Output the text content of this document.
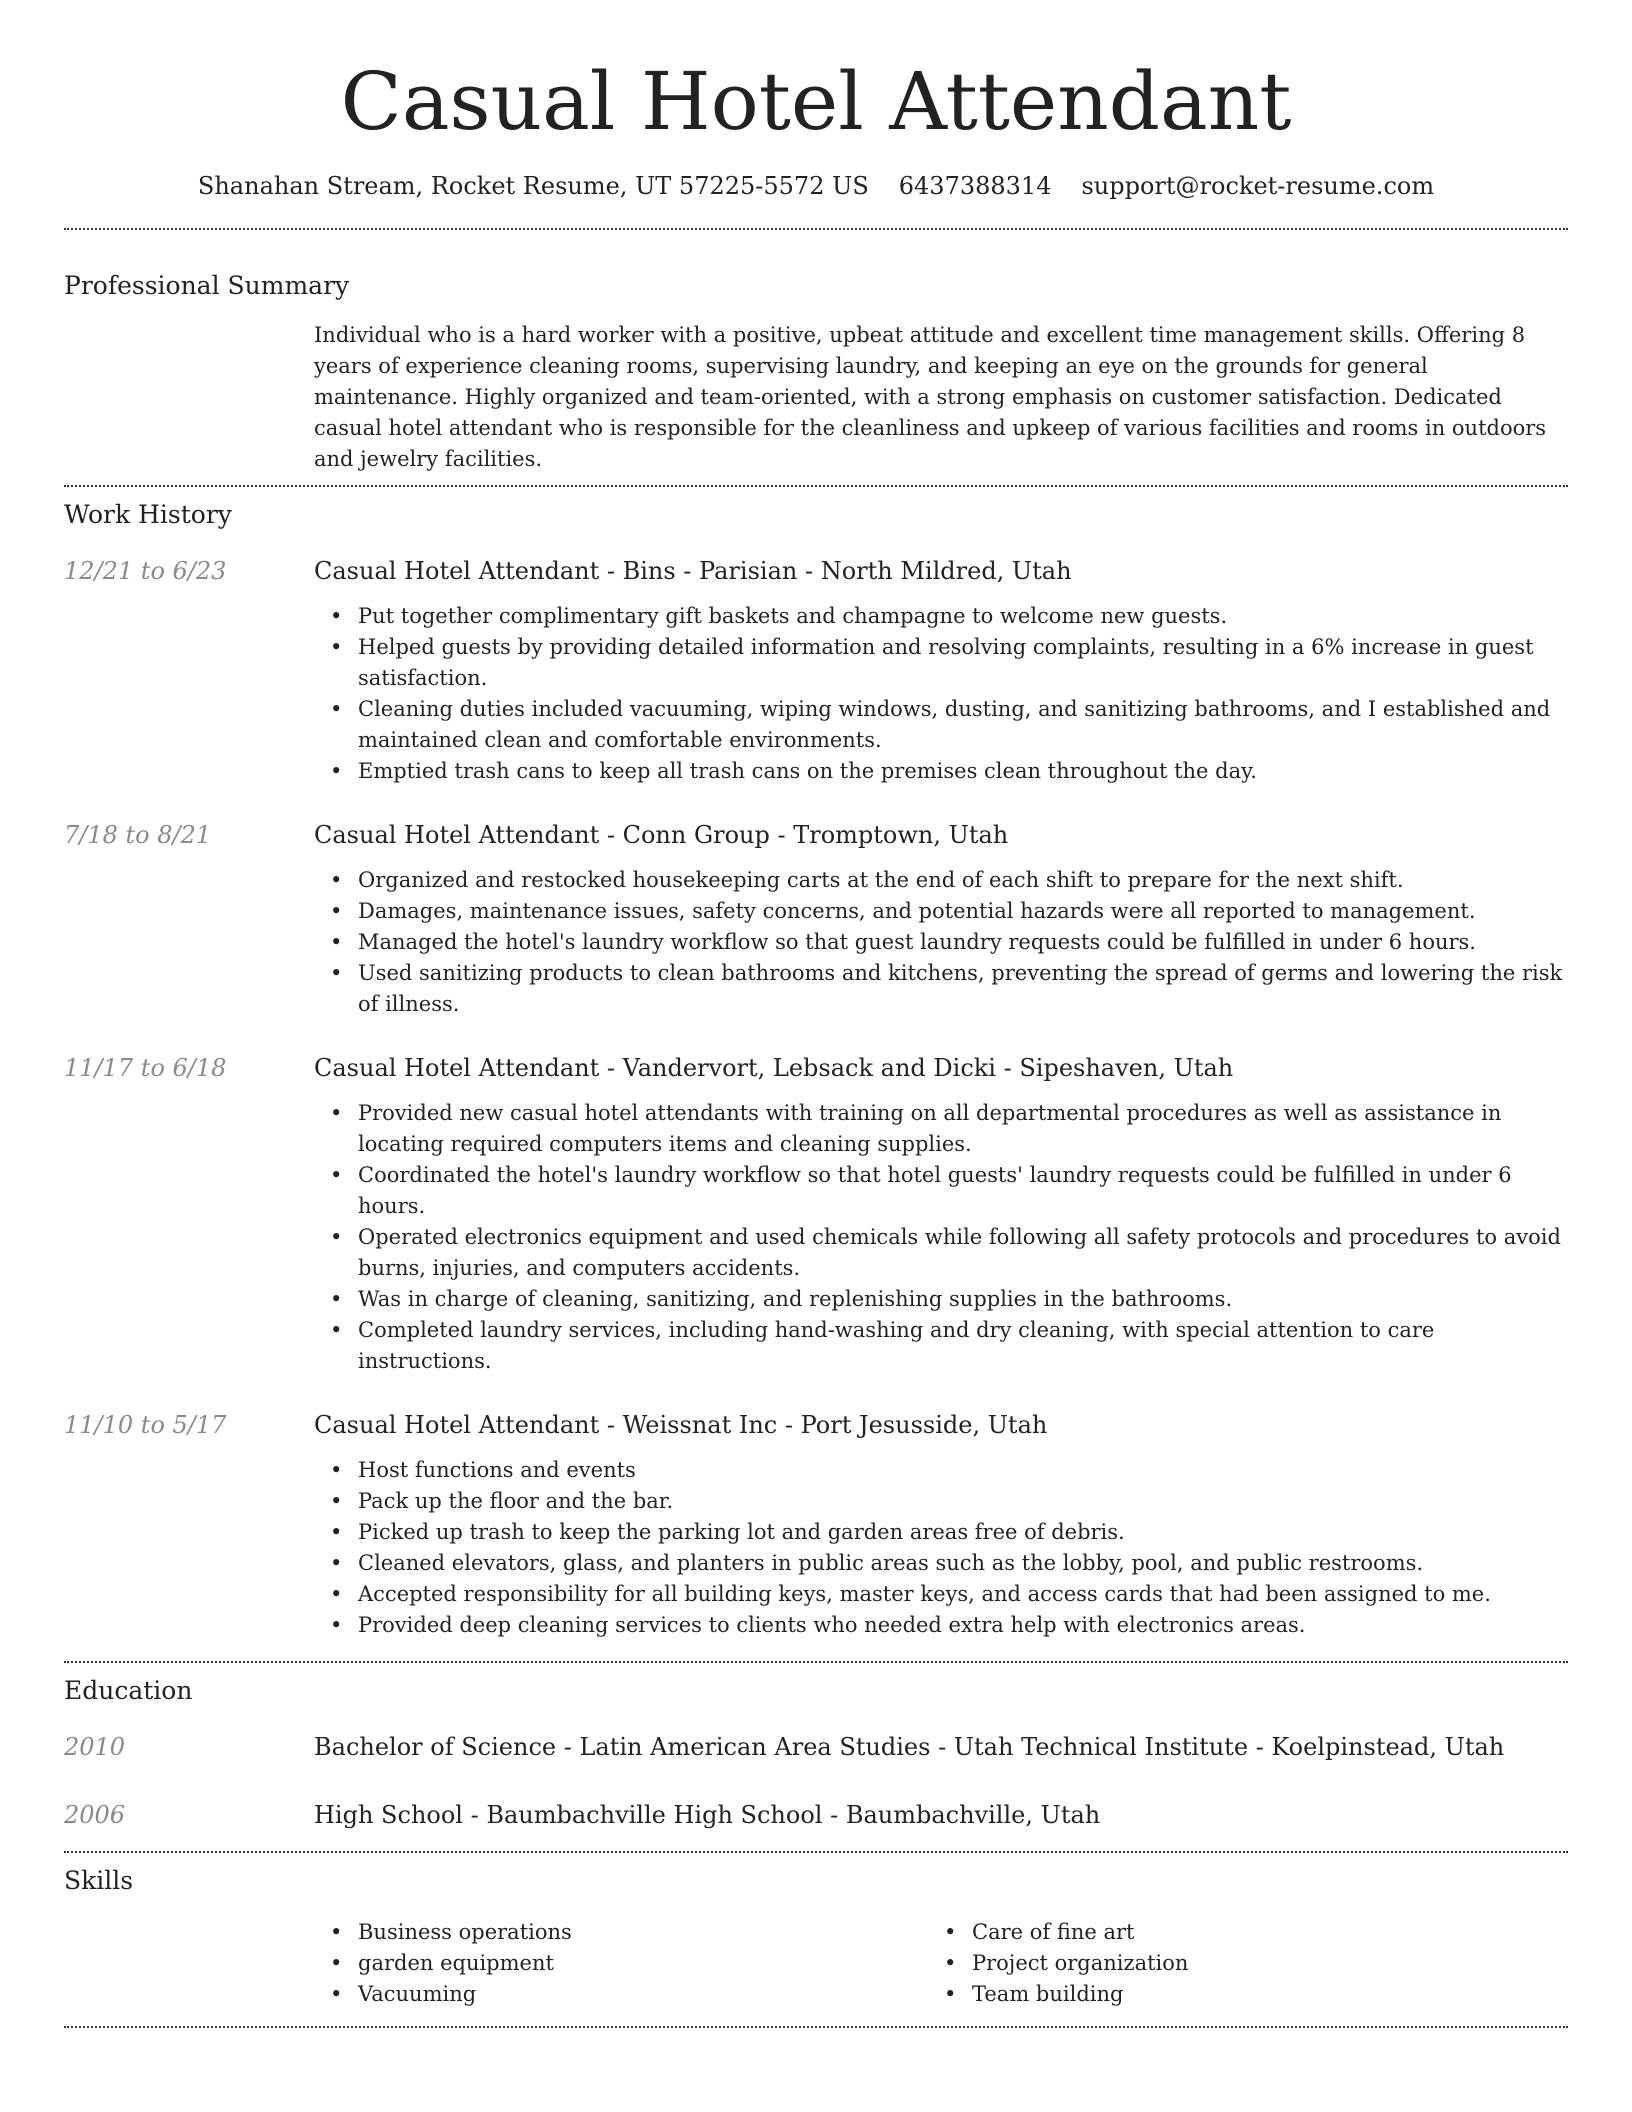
Casual Hotel Attendant
Shanahan Stream, Rocket Resume, UT 57225-5572 US 6437388314 support@rocket-resume.com
Professional Summary

Individual who is a hard worker with a positive, upbeat attitude and excellent time management skills. Offering 8 years of experience cleaning rooms, supervising laundry, and keeping an eye on the grounds for general maintenance. Highly organized and team-oriented, with a strong emphasis on customer satisfaction. Dedicated casual hotel attendant who is responsible for the cleanliness and upkeep of various facilities and rooms in outdoors and jewelry facilities.

Work History
12/21 to 6/23	Casual Hotel Attendant - Bins - Parisian - North Mildred, Utah
• Put together complimentary gift baskets and champagne to welcome new guests.
• Helped guests by providing detailed information and resolving complaints, resulting in a 6% increase in guest satisfaction.
• Cleaning duties included vacuuming, wiping windows, dusting, and sanitizing bathrooms, and I established and maintained clean and comfortable environments.
• Emptied trash cans to keep all trash cans on the premises clean throughout the day.
7/18 to 8/21	Casual Hotel Attendant - Conn Group - Tromptown, Utah
• Organized and restocked housekeeping carts at the end of each shift to prepare for the next shift.
• Damages, maintenance issues, safety concerns, and potential hazards were all reported to management.
• Managed the hotel's laundry workflow so that guest laundry requests could be fulfilled in under 6 hours.
• Used sanitizing products to clean bathrooms and kitchens, preventing the spread of germs and lowering the risk of illness.
11/17 to 6/18	Casual Hotel Attendant - Vandervort, Lebsack and Dicki - Sipeshaven, Utah
• Provided new casual hotel attendants with training on all departmental procedures as well as assistance in locating required computers items and cleaning supplies.
• Coordinated the hotel's laundry workflow so that hotel guests' laundry requests could be fulfilled in under 6 hours.
• Operated electronics equipment and used chemicals while following all safety protocols and procedures to avoid burns, injuries, and computers accidents.
• Was in charge of cleaning, sanitizing, and replenishing supplies in the bathrooms.
• Completed laundry services, including hand-washing and dry cleaning, with special attention to care instructions.
11/10 to 5/17	Casual Hotel Attendant - Weissnat Inc - Port Jesusside, Utah
• Host functions and events
• Pack up the floor and the bar.
• Picked up trash to keep the parking lot and garden areas free of debris.
• Cleaned elevators, glass, and planters in public areas such as the lobby, pool, and public restrooms.
• Accepted responsibility for all building keys, master keys, and access cards that had been assigned to me.
• Provided deep cleaning services to clients who needed extra help with electronics areas.
Education
2010	Bachelor of Science - Latin American Area Studies - Utah Technical Institute - Koelpinstead, Utah
2006	High School - Baumbachville High School - Baumbachville, Utah
Skills
• Business operations
• garden equipment
• Vacuuming
• Care of fine art
• Project organization
• Team building
